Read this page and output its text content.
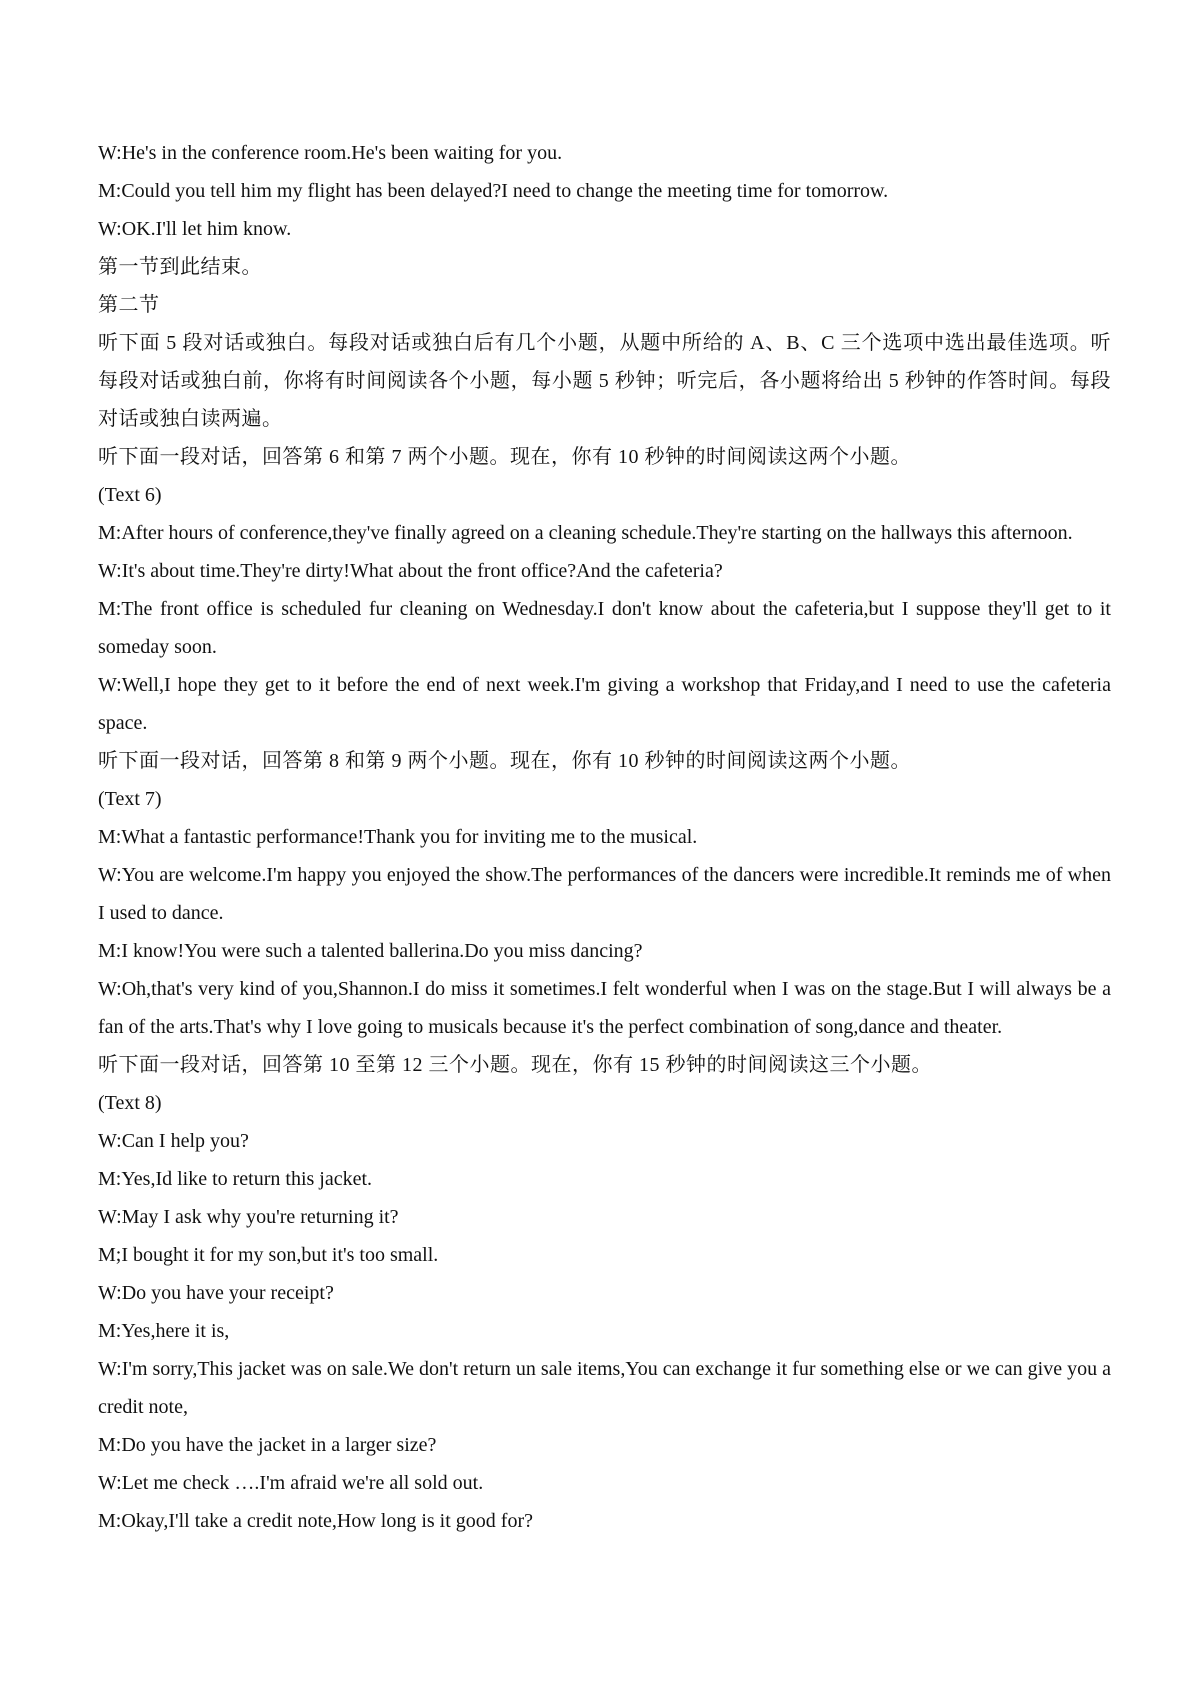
W:He's in the conference room.He's been waiting for you.

M:Could you tell him my flight has been delayed?I need to change the meeting time for tomorrow.

W:OK.I'll let him know.

第一节到此结束。

第二节

听下面 5 段对话或独白。每段对话或独白后有几个小题，从题中所给的 A、B、C 三个选项中选出最佳选项。听每段对话或独白前，你将有时间阅读各个小题，每小题 5 秒钟；听完后，各小题将给出 5 秒钟的作答时间。每段对话或独白读两遍。

听下面一段对话，回答第 6 和第 7 两个小题。现在，你有 10 秒钟的时间阅读这两个小题。

(Text 6)

M:After hours of conference,they've finally agreed on a cleaning schedule.They're starting on the hallways this afternoon.

W:It's about time.They're dirty!What about the front office?And the cafeteria?

M:The front office is scheduled fur cleaning on Wednesday.I don't know about the cafeteria,but I suppose they'll get to it someday soon.

W:Well,I hope they get to it before the end of next week.I'm giving a workshop that Friday,and I need to use the cafeteria space.

听下面一段对话，回答第 8 和第 9 两个小题。现在，你有 10 秒钟的时间阅读这两个小题。

(Text 7)

M:What a fantastic performance!Thank you for inviting me to the musical.

W:You are welcome.I'm happy you enjoyed the show.The performances of the dancers were incredible.It reminds me of when I used to dance.

M:I know!You were such a talented ballerina.Do you miss dancing?

W:Oh,that's very kind of you,Shannon.I do miss it sometimes.I felt wonderful when I was on the stage.But I will always be a fan of the arts.That's why I love going to musicals because it's the perfect combination of song,dance and theater.

听下面一段对话，回答第 10 至第 12 三个小题。现在，你有 15 秒钟的时间阅读这三个小题。

(Text 8)

W:Can I help you?

M:Yes,Id like to return this jacket.

W:May I ask why you're returning it?

M;I bought it for my son,but it's too small.

W:Do you have your receipt?

M:Yes,here it is,

W:I'm sorry,This jacket was on sale.We don't return un sale items,You can exchange it fur something else or we can give you a credit note,

M:Do you have the jacket in a larger size?

W:Let me check ….I'm afraid we're all sold out.

M:Okay,I'll take a credit note,How long is it good for?
